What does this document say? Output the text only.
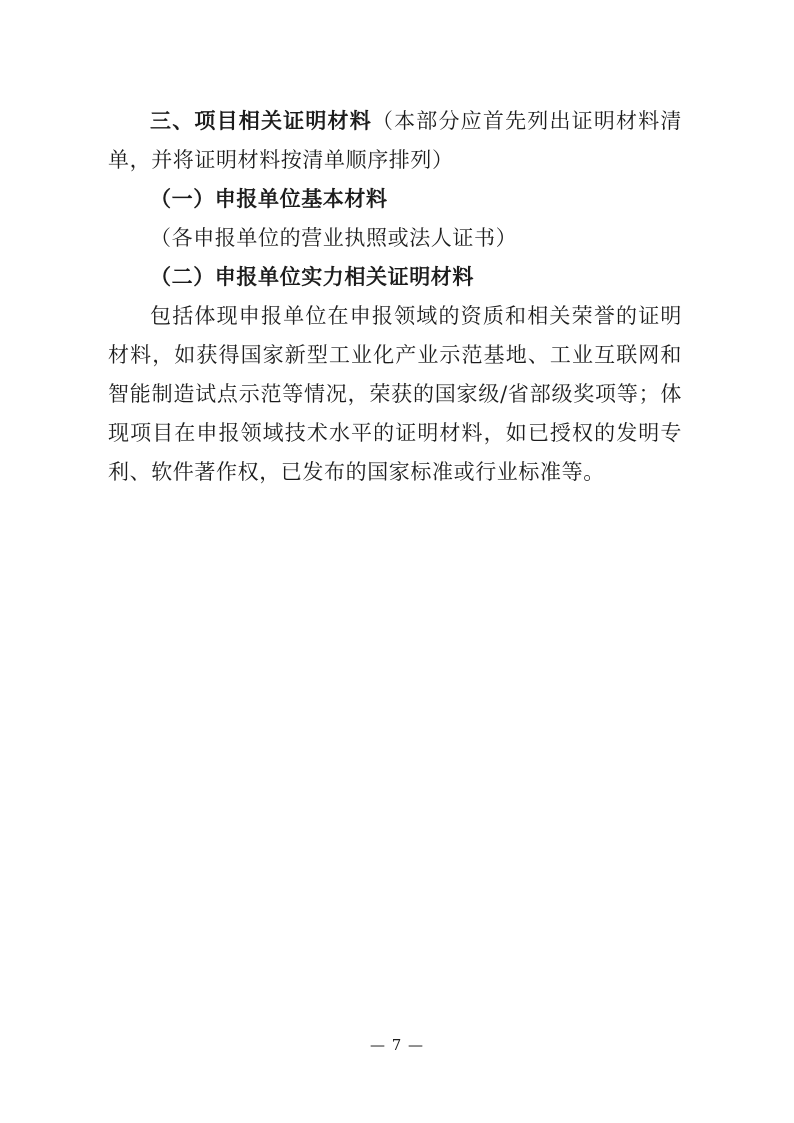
三、项目相关证明材料（本部分应首先列出证明材料清单，并将证明材料按清单顺序排列）

（一）申报单位基本材料

（各申报单位的营业执照或法人证书）

（二）申报单位实力相关证明材料

包括体现申报单位在申报领域的资质和相关荣誉的证明材料，如获得国家新型工业化产业示范基地、工业互联网和智能制造试点示范等情况，荣获的国家级/省部级奖项等；体现项目在申报领域技术水平的证明材料，如已授权的发明专利、软件著作权，已发布的国家标准或行业标准等。

— 7 —
